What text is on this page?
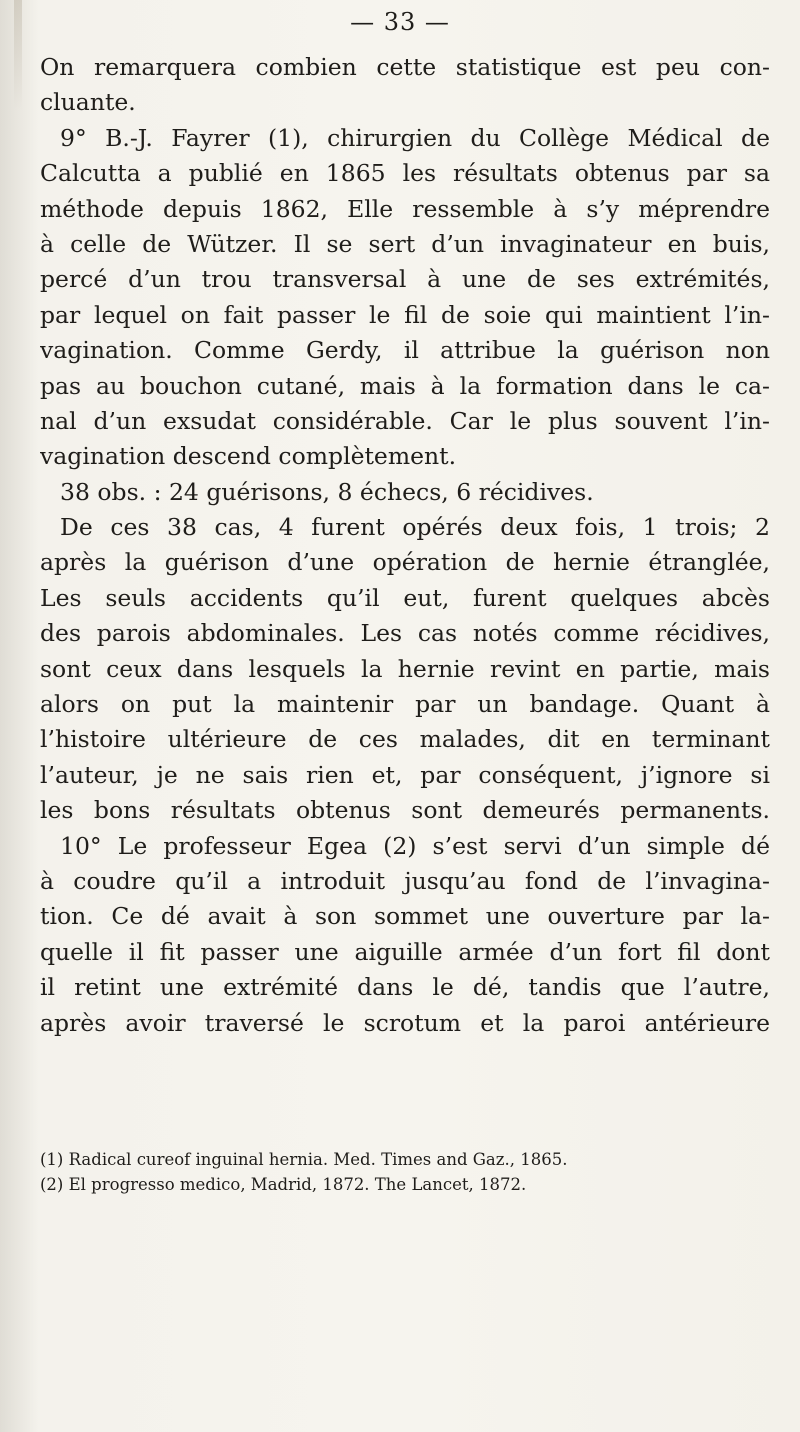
— 33 —
On remarquera combien cette statistique est peu con-
cluante.
9° B.-J. Fayrer (1), chirurgien du Collège Médical de
Calcutta a publié en 1865 les résultats obtenus par sa
méthode depuis 1862, Elle ressemble à s’y méprendre
à celle de Wützer. Il se sert d’un invaginateur en buis,
percé d’un trou transversal à une de ses extrémités,
par lequel on fait passer le fil de soie qui maintient l’in-
vagination. Comme Gerdy, il attribue la guérison non
pas au bouchon cutané, mais à la formation dans le ca-
nal d’un exsudat considérable. Car le plus souvent l’in-
vagination descend complètement.
38 obs. : 24 guérisons, 8 échecs, 6 récidives.
De ces 38 cas, 4 furent opérés deux fois, 1 trois; 2
après la guérison d’une opération de hernie étranglée,
Les seuls accidents qu’il eut, furent quelques abcès
des parois abdominales. Les cas notés comme récidives,
sont ceux dans lesquels la hernie revint en partie, mais
alors on put la maintenir par un bandage. Quant à
l’histoire ultérieure de ces malades, dit en terminant
l’auteur, je ne sais rien et, par conséquent, j’ignore si
les bons résultats obtenus sont demeurés permanents.
10° Le professeur Egea (2) s’est servi d’un simple dé
à coudre qu’il a introduit jusqu’au fond de l’invagina-
tion. Ce dé avait à son sommet une ouverture par la-
quelle il fit passer une aiguille armée d’un fort fil dont
il retint une extrémité dans le dé, tandis que l’autre,
après avoir traversé le scrotum et la paroi antérieure
(1) Radical cureof inguinal hernia. Med. Times and Gaz., 1865.
(2) El progresso medico, Madrid, 1872. The Lancet, 1872.
